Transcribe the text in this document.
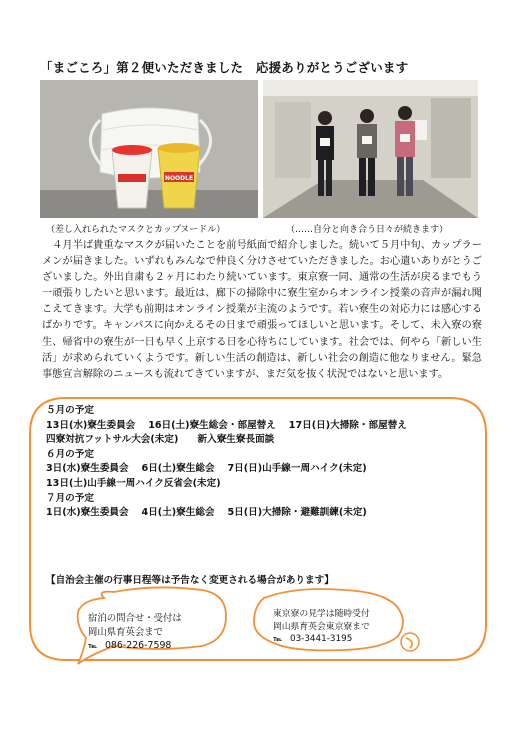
「まごころ」第２便いただきました　応援ありがとうございます
NOODLE
（差し入れられたマスクとカップヌードル）	（……自分と向き合う日々が続きます）

４月半ば貴重なマスクが届いたことを前号紙面で紹介しました。続いて５月中旬、カップラーメンが届きました。いずれもみんなで仲良く分けさせていただきました。お心遣いありがとうございました。外出自粛も２ヶ月にわたり続いています。東京寮一同、通常の生活が戻るまでもう一頑張りしたいと思います。最近は、廊下の掃除中に寮生室からオンライン授業の音声が漏れ聞こえてきます。大学も前期はオンライン授業が主流のようです。若い寮生の対応力には感心するばかりです。キャンパスに向かえるその日まで頑張ってほしいと思います。そして、未入寮の寮生、帰省中の寮生が一日も早く上京する日を心待ちにしています。社会では、何やら「新しい生活」が求められていくようです。新しい生活の創造は、新しい社会の創造に他なりません。緊急事態宣言解除のニュースも流れてきていますが、まだ気を抜く状況ではないと思います。

５月の予定
13日(水)寮生委員会　 16日(土)寮生総会・部屋替え　 17日(日)大掃除・部屋替え
四寮対抗フットサル大会(未定)　　新入寮生寮長面談
６月の予定
3日(水)寮生委員会　 6日(土)寮生総会　 7日(日)山手線一周ハイク(未定)
13日(土)山手線一周ハイク反省会(未定)
７月の予定
1日(水)寮生委員会　 4日(土)寮生総会　 5日(日)大掃除・避難訓練(未定)
【自治会主催の行事日程等は予告なく変更される場合があります】
宿泊の問合せ・受付は
岡山県育英会まで
℡ 086-226-7598
東京寮の見学は随時受付
岡山県育英会東京寮まで
℡ 03-3441-3195
